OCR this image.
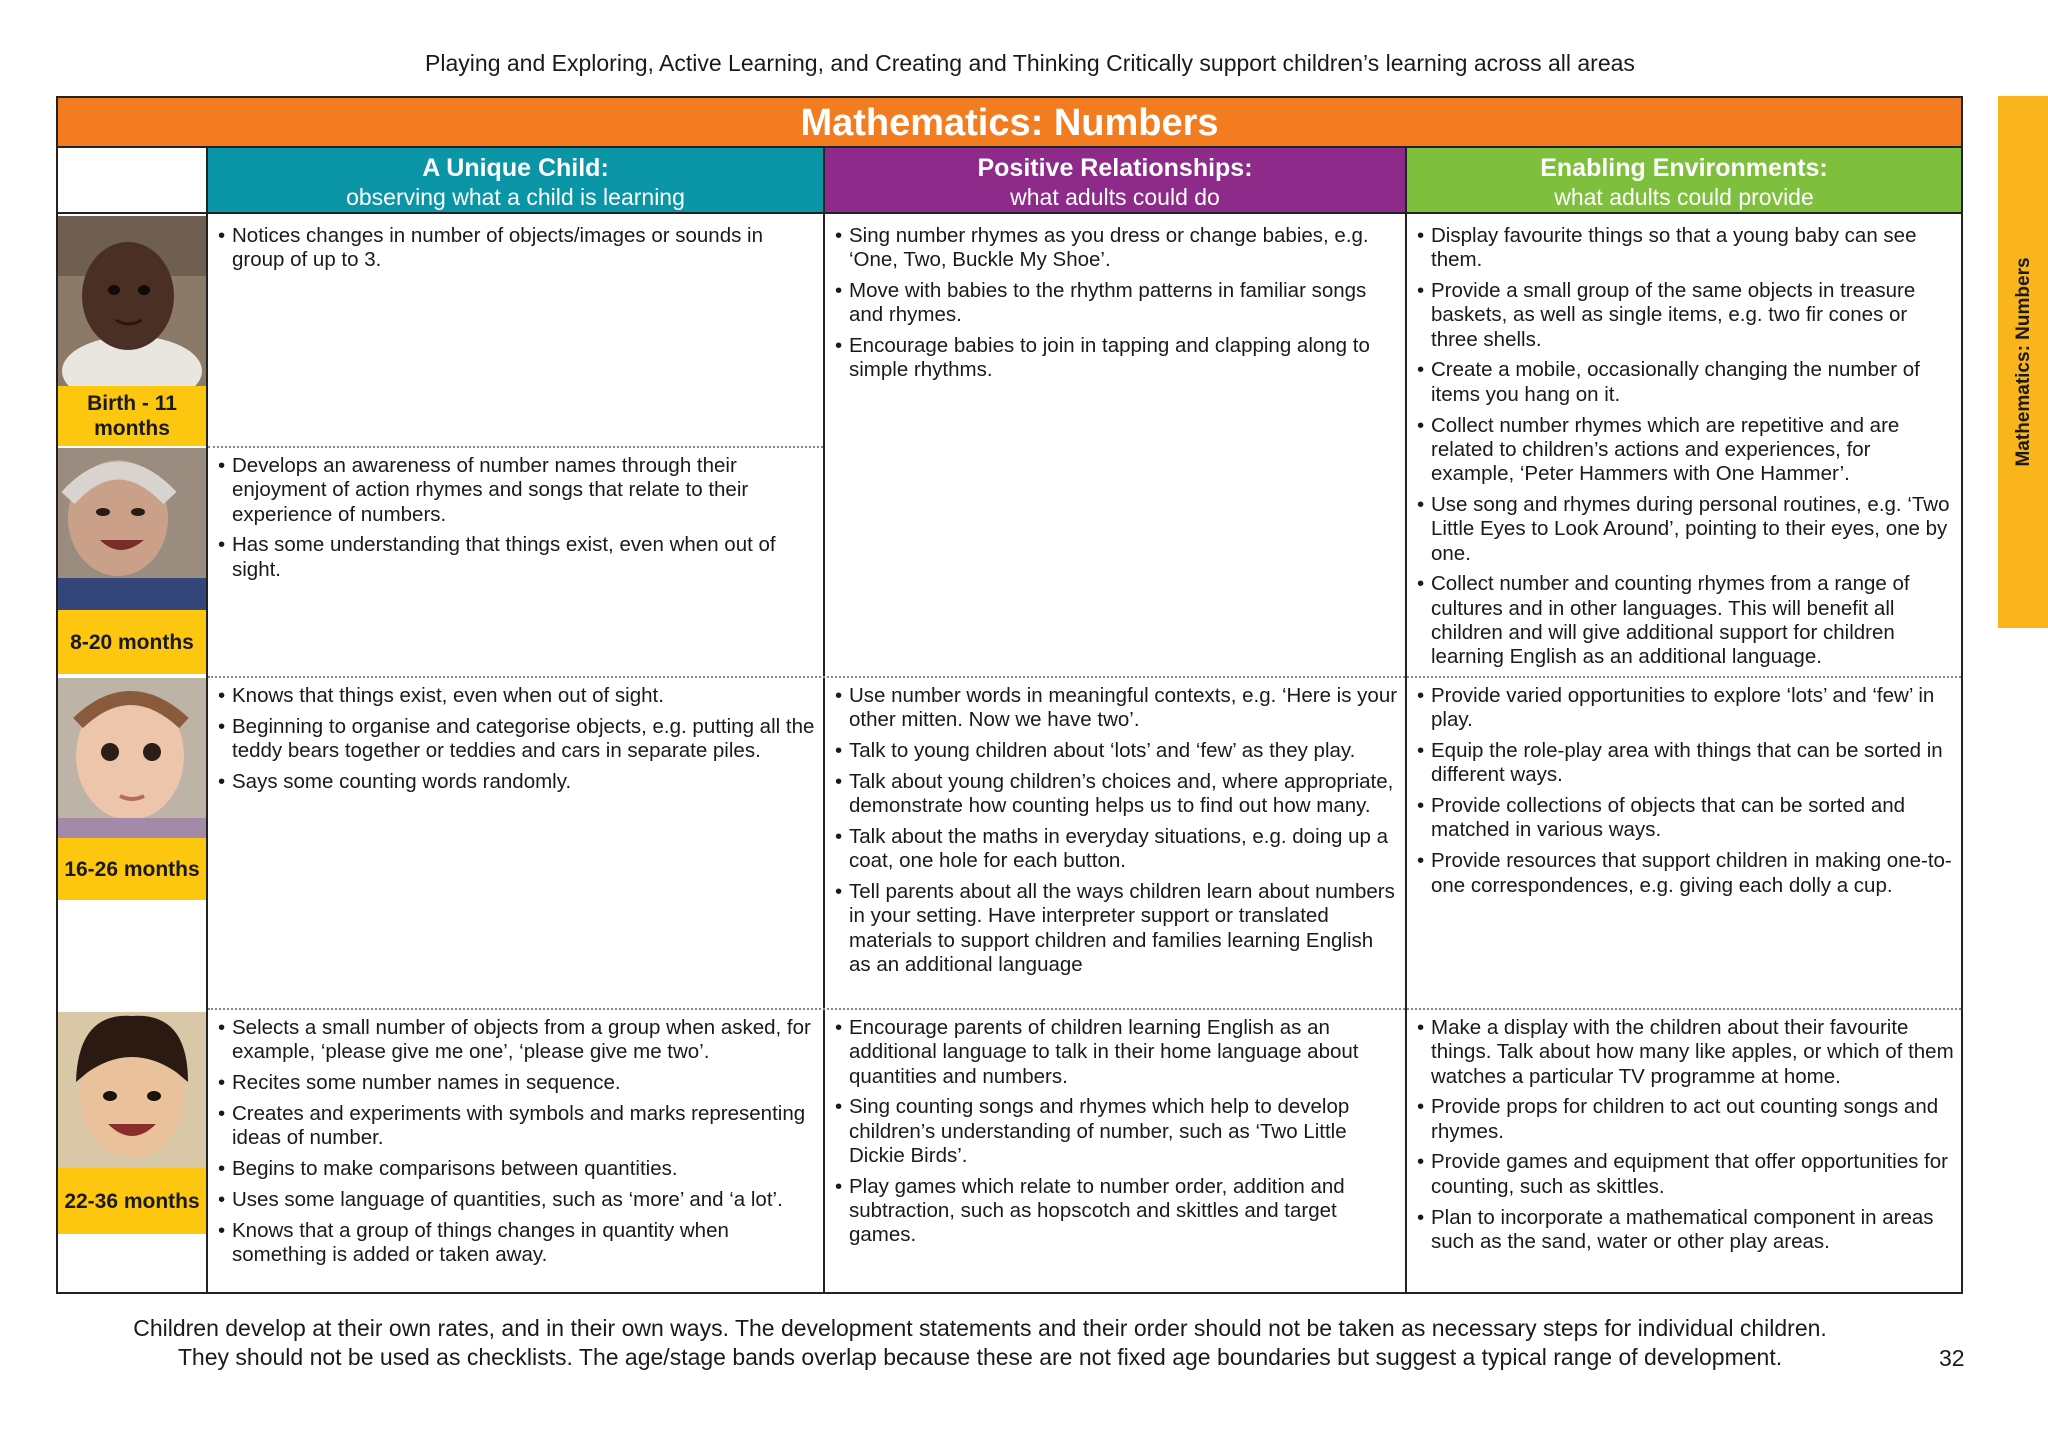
Playing and Exploring, Active Learning, and Creating and Thinking Critically support children’s learning across all areas
Mathematics: Numbers
Mathematics: Numbers
A Unique Child:
observing what a child is learning
Positive Relationships:
what adults could do
Enabling Environments:
what adults could provide
Birth - 11 months
8-20 months
16-26 months
22-36 months
• Notices changes in number of objects/images or sounds in group of up to 3.
• Sing number rhymes as you dress or change babies, e.g. ‘One, Two, Buckle My Shoe’.
• Move with babies to the rhythm patterns in familiar songs and rhymes.
• Encourage babies to join in tapping and clapping along to simple rhythms.
• Display favourite things so that a young baby can see them.
• Provide a small group of the same objects in treasure baskets, as well as single items, e.g. two fir cones or three shells.
• Create a mobile, occasionally changing the number of items you hang on it.
• Collect number rhymes which are repetitive and are related to children’s actions and experiences, for example, ‘Peter Hammers with One Hammer’.
• Use song and rhymes during personal routines, e.g. ‘Two Little Eyes to Look Around’, pointing to their eyes, one by one.
• Collect number and counting rhymes from a range of cultures and in other languages. This will benefit all children and will give additional support for children learning English as an additional language.
• Develops an awareness of number names through their enjoyment of action rhymes and songs that relate to their experience of numbers.
• Has some understanding that things exist, even when out of sight.
• Knows that things exist, even when out of sight.
• Beginning to organise and categorise objects, e.g. putting all the teddy bears together or teddies and cars in separate piles.
• Says some counting words randomly.
• Use number words in meaningful contexts, e.g. ‘Here is your other mitten. Now we have two’.
• Talk to young children about ‘lots’ and ‘few’ as they play.
• Talk about young children’s choices and, where appropriate, demonstrate how counting helps us to find out how many.
• Talk about the maths in everyday situations, e.g. doing up a coat, one hole for each button.
• Tell parents about all the ways children learn about numbers in your setting. Have interpreter support or translated materials to support children and families learning English as an additional language
• Provide varied opportunities to explore ‘lots’ and ‘few’ in play.
• Equip the role-play area with things that can be sorted in different ways.
• Provide collections of objects that can be sorted and matched in various ways.
• Provide resources that support children in making one-to-one correspondences, e.g. giving each dolly a cup.
• Selects a small number of objects from a group when asked, for example, ‘please give me one’, ‘please give me two’.
• Recites some number names in sequence.
• Creates and experiments with symbols and marks representing ideas of number.
• Begins to make comparisons between quantities.
• Uses some language of quantities, such as ‘more’ and ‘a lot’.
• Knows that a group of things changes in quantity when something is added or taken away.
• Encourage parents of children learning English as an additional language to talk in their home language about quantities and numbers.
• Sing counting songs and rhymes which help to develop children’s understanding of number, such as ‘Two Little Dickie Birds’.
• Play games which relate to number order, addition and subtraction, such as hopscotch and skittles and target games.
• Make a display with the children about their favourite things. Talk about how many like apples, or which of them watches a particular TV programme at home.
• Provide props for children to act out counting songs and rhymes.
• Provide games and equipment that offer opportunities for counting, such as skittles.
• Plan to incorporate a mathematical component in areas such as the sand, water or other play areas.
Children develop at their own rates, and in their own ways. The development statements and their order should not be taken as necessary steps for individual children.
They should not be used as checklists. The age/stage bands overlap because these are not fixed age boundaries but suggest a typical range of development.	32
